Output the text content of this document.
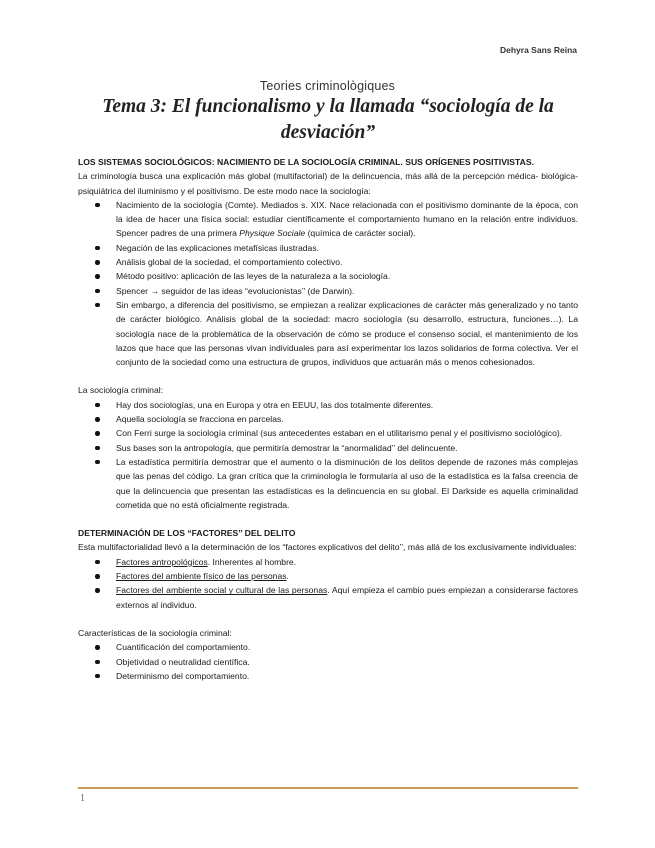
Dehyra Sans Reina
Teories criminològiques
Tema 3: El funcionalismo y la llamada “sociología de la desviación”

LOS SISTEMAS SOCIOLÓGICOS: NACIMIENTO DE LA SOCIOLOGÍA CRIMINAL. SUS ORÍGENES POSITIVISTAS.

La criminología busca una explicación más global (multifactorial) de la delincuencia, más allá de la percepción médica- biológica-psiquiátrica del iluminismo y el positivismo. De este modo nace la sociología:

Nacimiento de la sociología (Comte). Mediados s. XIX. Nace relacionada con el positivismo dominante de la época, con la idea de hacer una física social: estudiar científicamente el comportamiento humano en la relación entre individuos. Spencer padres de una primera Physique Sociale (química de carácter social).
Negación de las explicaciones metafísicas ilustradas.
Análisis global de la sociedad, el comportamiento colectivo.
Método positivo: aplicación de las leyes de la naturaleza a la sociología.
Spencer → seguidor de las ideas “evolucionistas’’ (de Darwin).
Sin embargo, a diferencia del positivismo, se empiezan a realizar explicaciones de carácter más generalizado y no tanto de carácter biológico. Análisis global de la sociedad: macro sociología (su desarrollo, estructura, funciones…). La sociología nace de la problemática de la observación de cómo se produce el consenso social, el mantenimiento de los lazos que hace que las personas vivan individuales para así experimentar los lazos solidarios de forma colectiva. Ver el conjunto de la sociedad como una estructura de grupos, individuos que actuarán más o menos cohesionados.

La sociología criminal:

Hay dos sociologías, una en Europa y otra en EEUU, las dos totalmente diferentes.
Aquella sociología se fracciona en parcelas.
Con Ferri surge la sociología criminal (sus antecedentes estaban en el utilitarismo penal y el positivismo sociológico).
Sus bases son la antropología, que permitiría demostrar la “anormalidad’’ del delincuente.
La estadística permitiría demostrar que el aumento o la disminución de los delitos depende de razones más complejas que las penas del código. La gran crítica que la criminología le formularía al uso de la estadística es la falsa creencia de que la delincuencia que presentan las estadísticas es la delincuencia en su global. El Darkside es aquella criminalidad cometida que no está oficialmente registrada.

DETERMINACIÓN DE LOS “FACTORES’’ DEL DELITO

Esta multifactorialidad llevó a la determinación de los “factores explicativos del delito’’, más allá de los exclusivamente individuales:

Factores antropológicos. Inherentes al hombre.
Factores del ambiente físico de las personas.
Factores del ambiente social y cultural de las personas. Aquí empieza el cambio pues empiezan a considerarse factores externos al individuo.

Características de la sociología criminal:

Cuantificación del comportamiento.
Objetividad o neutralidad científica.
Determinismo del comportamiento.
1
